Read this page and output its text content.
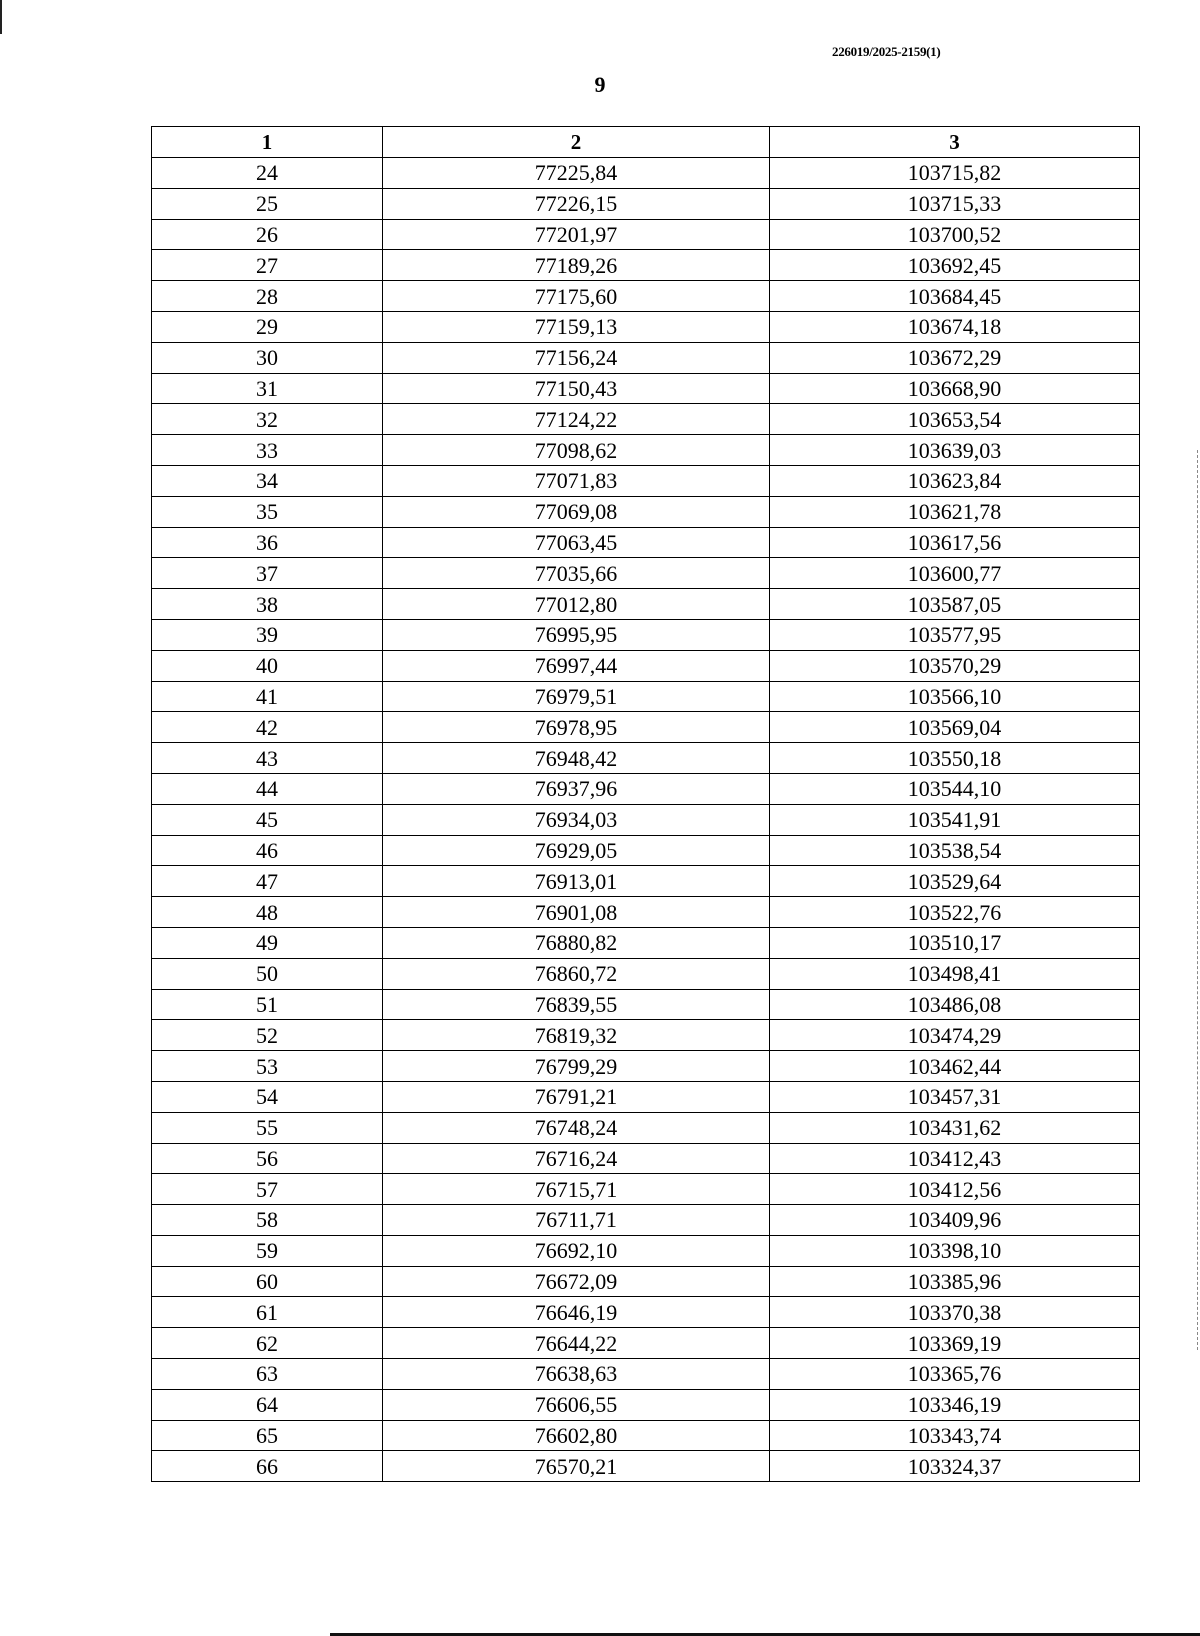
226019/2025-2159(1)
9
1	2	3
24	77225,84	103715,82
25	77226,15	103715,33
26	77201,97	103700,52
27	77189,26	103692,45
28	77175,60	103684,45
29	77159,13	103674,18
30	77156,24	103672,29
31	77150,43	103668,90
32	77124,22	103653,54
33	77098,62	103639,03
34	77071,83	103623,84
35	77069,08	103621,78
36	77063,45	103617,56
37	77035,66	103600,77
38	77012,80	103587,05
39	76995,95	103577,95
40	76997,44	103570,29
41	76979,51	103566,10
42	76978,95	103569,04
43	76948,42	103550,18
44	76937,96	103544,10
45	76934,03	103541,91
46	76929,05	103538,54
47	76913,01	103529,64
48	76901,08	103522,76
49	76880,82	103510,17
50	76860,72	103498,41
51	76839,55	103486,08
52	76819,32	103474,29
53	76799,29	103462,44
54	76791,21	103457,31
55	76748,24	103431,62
56	76716,24	103412,43
57	76715,71	103412,56
58	76711,71	103409,96
59	76692,10	103398,10
60	76672,09	103385,96
61	76646,19	103370,38
62	76644,22	103369,19
63	76638,63	103365,76
64	76606,55	103346,19
65	76602,80	103343,74
66	76570,21	103324,37
